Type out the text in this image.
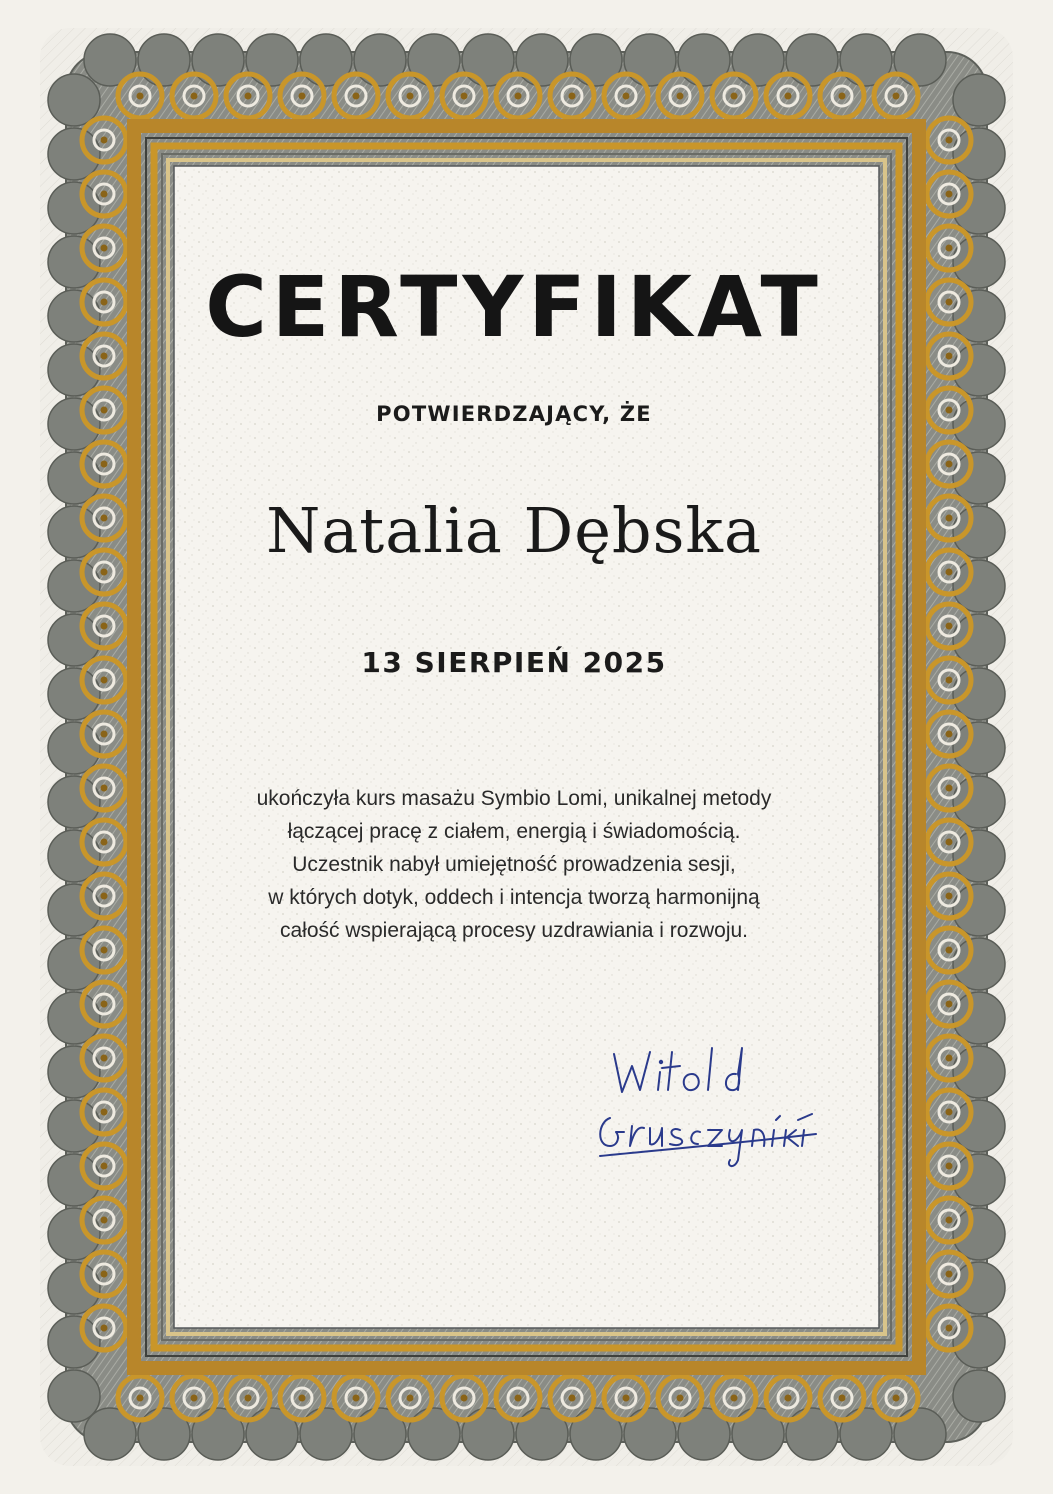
CERTYFIKAT
POTWIERDZAJĄCY, ŻE
Natalia Dębska
13 SIERPIEŃ 2025
ukończyła kurs masażu Symbio Lomi, unikalnej metody
łączącej pracę z ciałem, energią i świadomością.
Uczestnik nabył umiejętność prowadzenia sesji,
w których dotyk, oddech i intencja tworzą harmonijną
całość wspierającą procesy uzdrawiania i rozwoju.
